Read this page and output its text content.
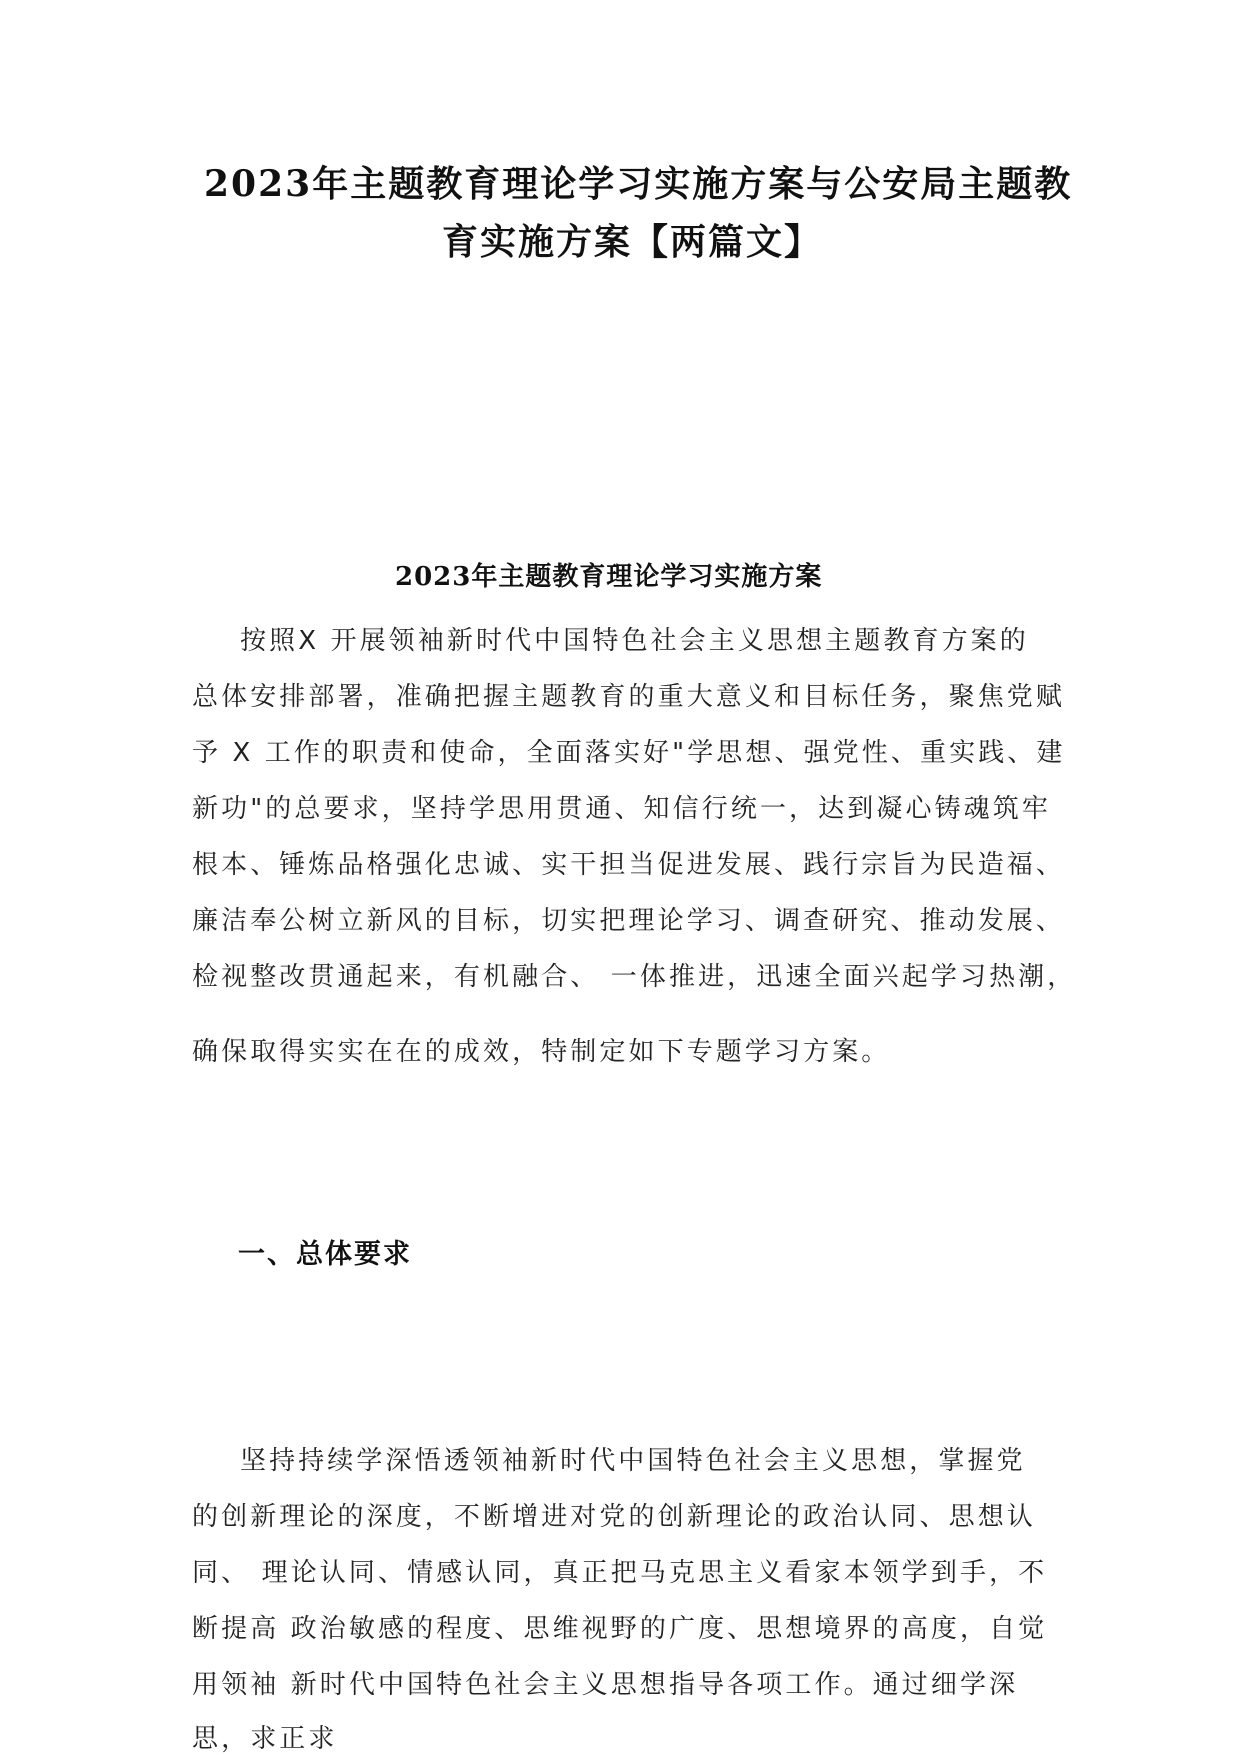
2023年主题教育理论学习实施方案与公安局主题教
育实施方案【两篇文】
2023年主题教育理论学习实施方案
按照X 开展领袖新时代中国特色社会主义思想主题教育方案的
总体安排部署，准确把握主题教育的重大意义和目标任务，聚焦党赋
予 X 工作的职责和使命，全面落实好"学思想、强党性、重实践、建
新功"的总要求，坚持学思用贯通、知信行统一，达到凝心铸魂筑牢
根本、锤炼品格强化忠诚、实干担当促进发展、践行宗旨为民造福、
廉洁奉公树立新风的目标，切实把理论学习、调查研究、推动发展、
检视整改贯通起来，有机融合、 一体推进，迅速全面兴起学习热潮，
确保取得实实在在的成效，特制定如下专题学习方案。
一、总体要求
坚持持续学深悟透领袖新时代中国特色社会主义思想，掌握党
的创新理论的深度，不断增进对党的创新理论的政治认同、思想认
同、 理论认同、情感认同，真正把马克思主义看家本领学到手，不
断提高 政治敏感的程度、思维视野的广度、思想境界的高度，自觉
用领袖 新时代中国特色社会主义思想指导各项工作。通过细学深
思，求正求
